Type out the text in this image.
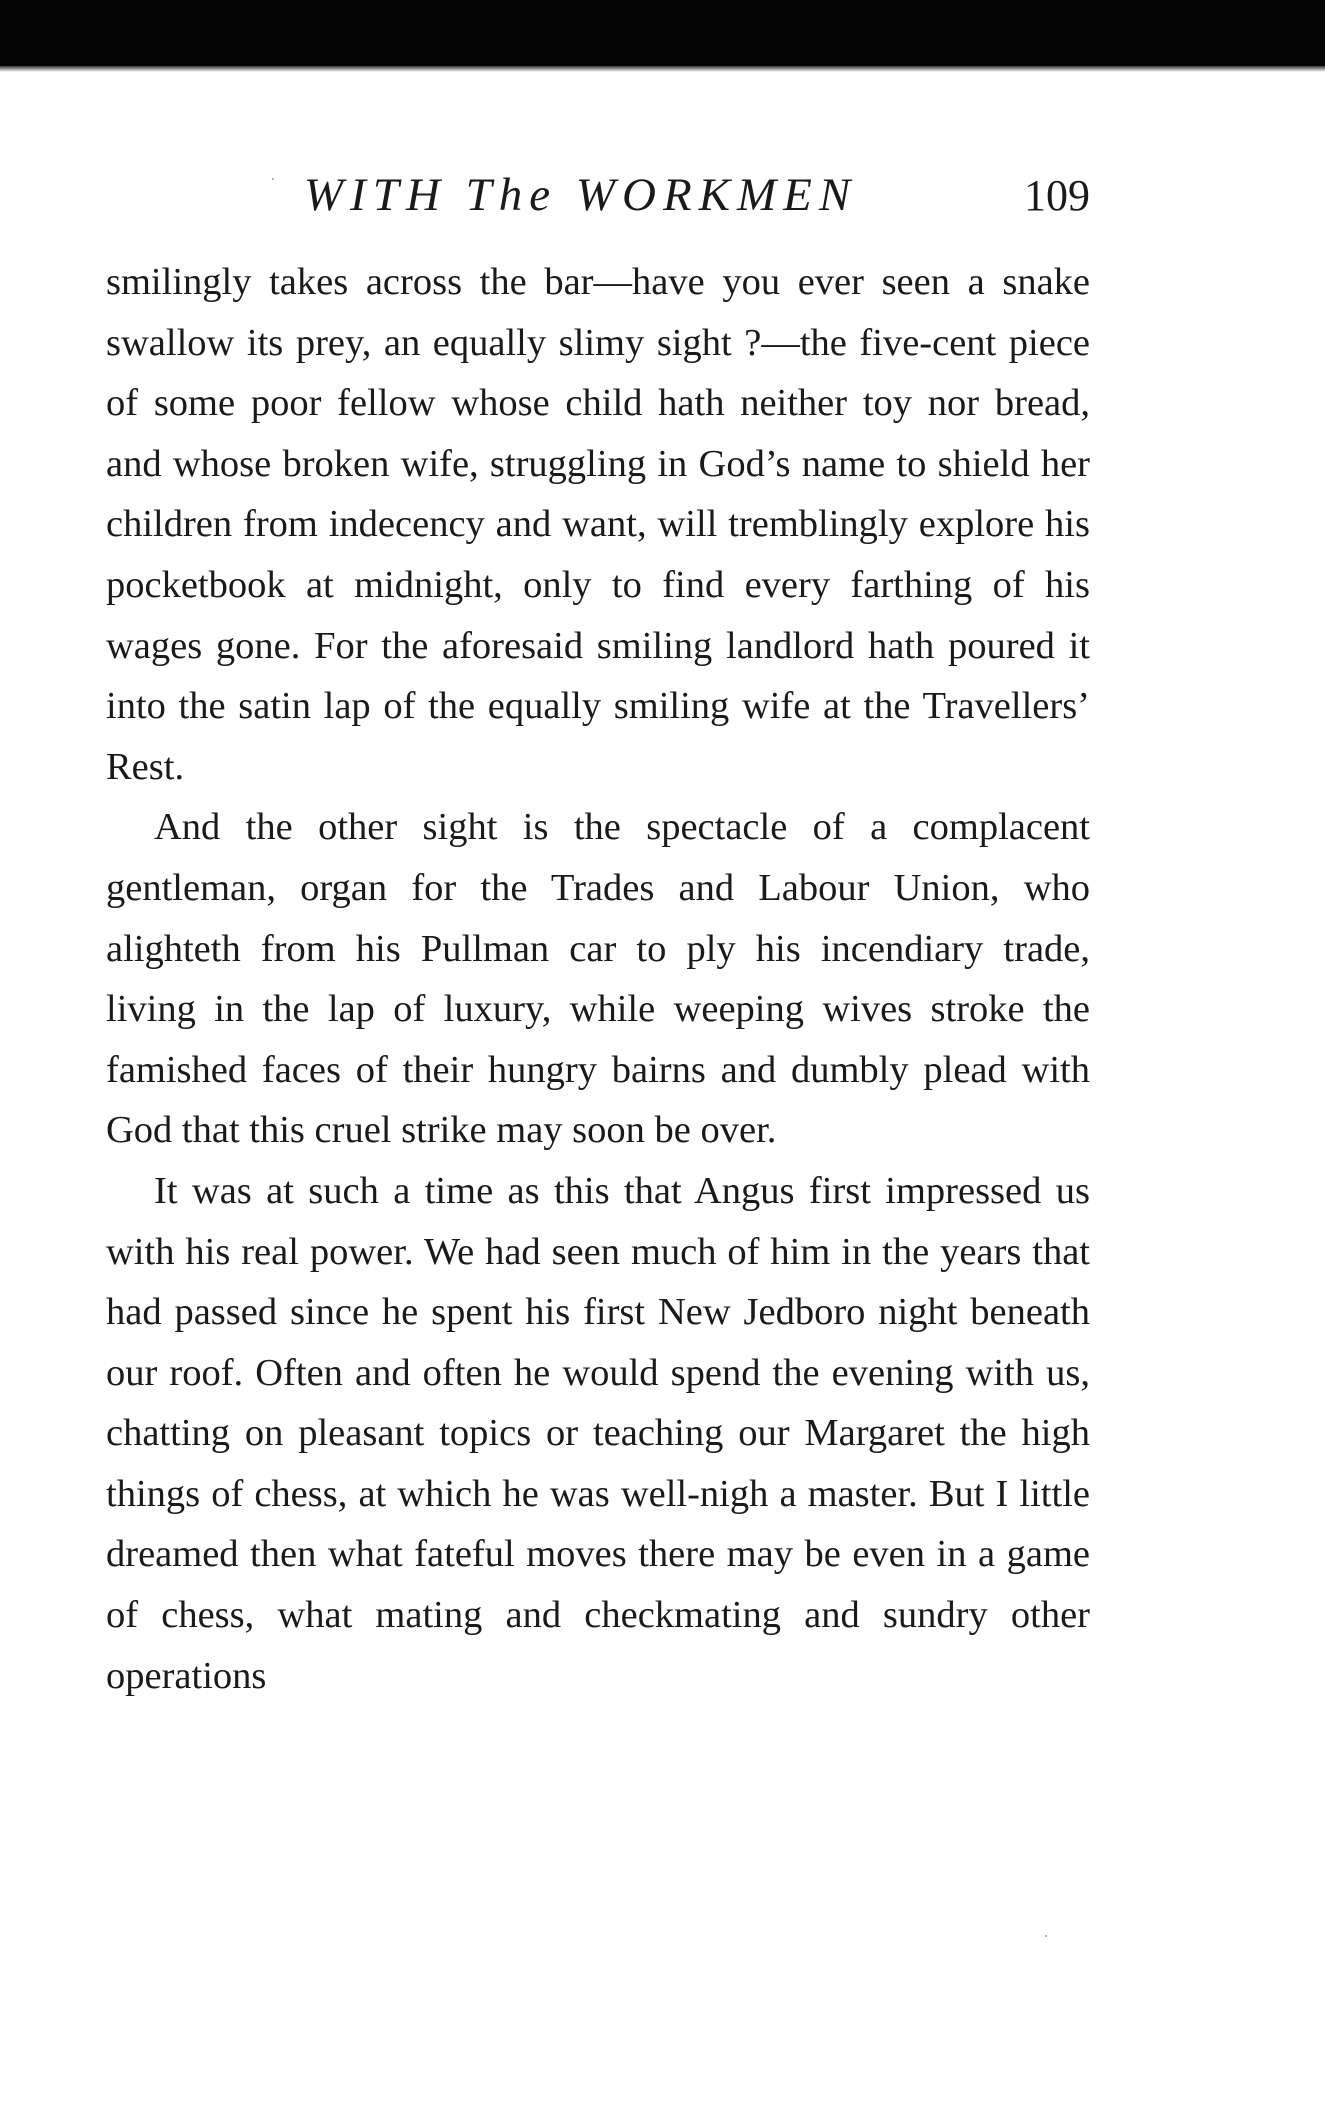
WITH The WORKMEN	109

smilingly takes across the bar—have you ever seen a snake swallow its prey, an equally slimy sight ?—the five-cent piece of some poor fellow whose child hath neither toy nor bread, and whose broken wife, struggling in God’s name to shield her children from indecency and want, will tremblingly explore his pocketbook at midnight, only to find every farthing of his wages gone. For the aforesaid smiling landlord hath poured it into the satin lap of the equally smiling wife at the Travellers’ Rest.

And the other sight is the spectacle of a complacent gentleman, organ for the Trades and Labour Union, who alighteth from his Pullman car to ply his incendiary trade, living in the lap of luxury, while weeping wives stroke the famished faces of their hungry bairns and dumbly plead with God that this cruel strike may soon be over.

It was at such a time as this that Angus first impressed us with his real power. We had seen much of him in the years that had passed since he spent his first New Jedboro night beneath our roof. Often and often he would spend the evening with us, chatting on pleasant topics or teaching our Margaret the high things of chess, at which he was well-nigh a master. But I little dreamed then what fateful moves there may be even in a game of chess, what mating and checkmating and sundry other operations
